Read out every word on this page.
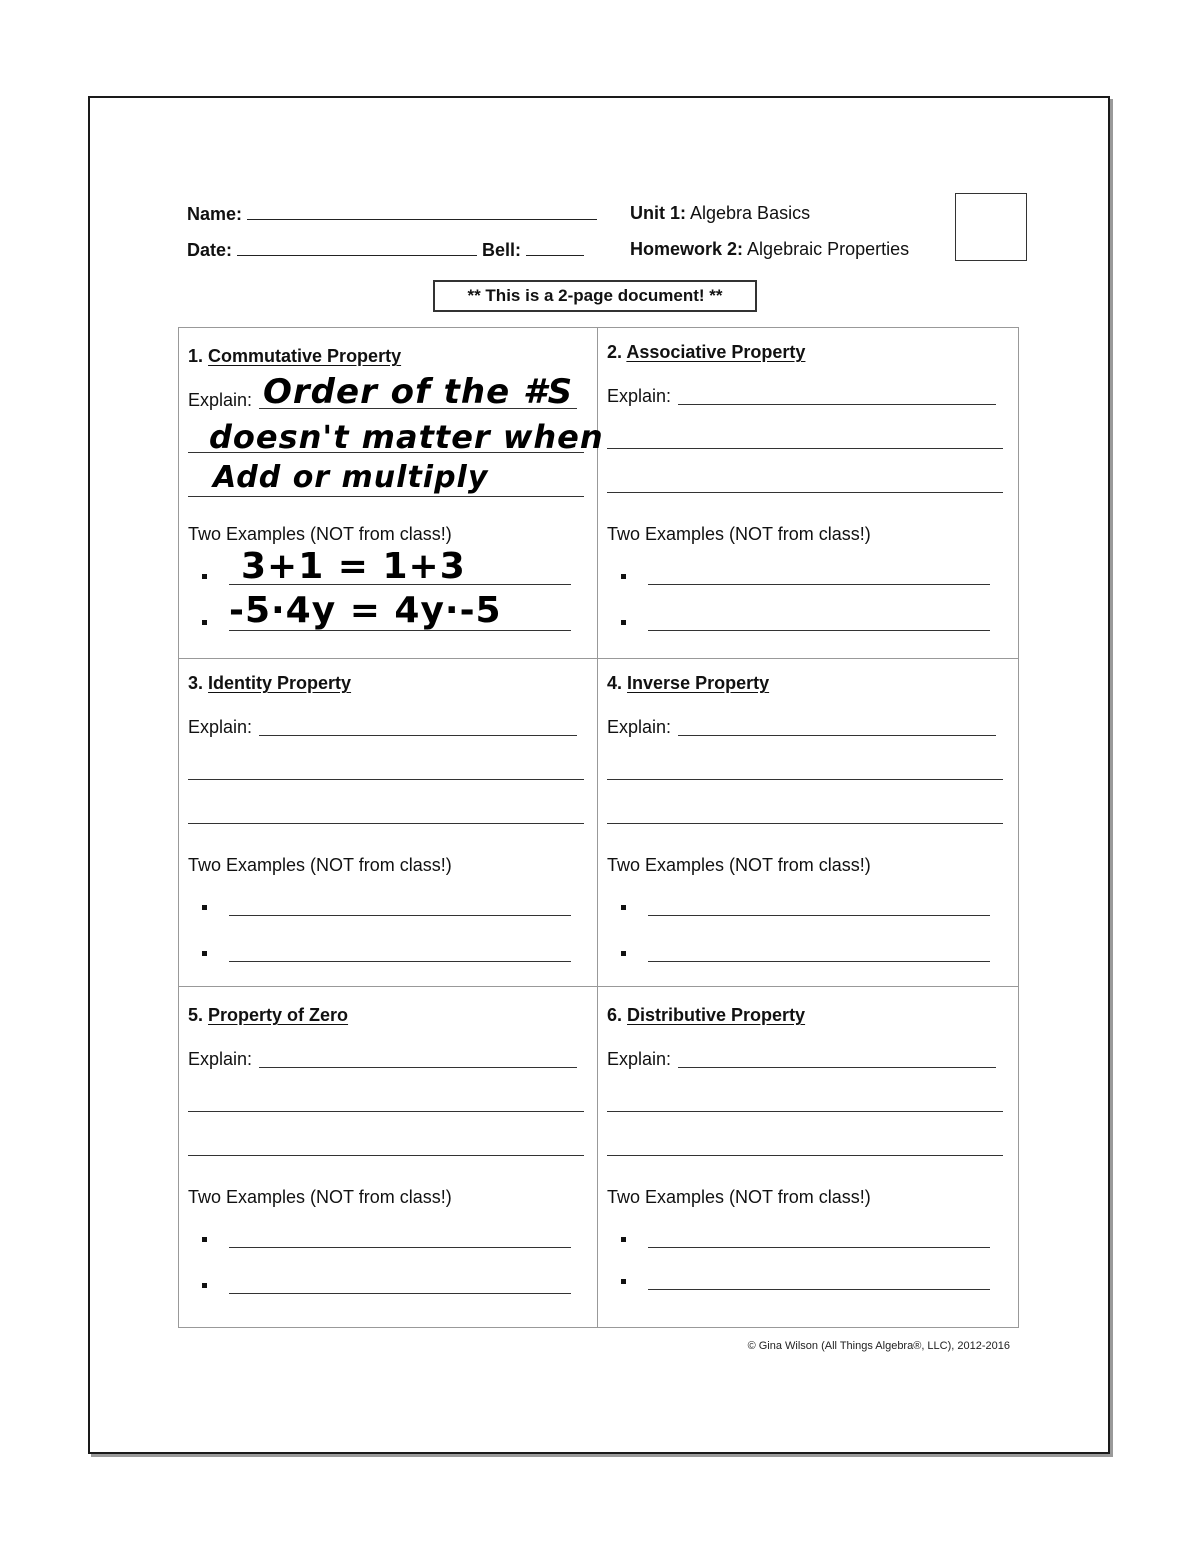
Name:
Date:	Bell:
Unit 1: Algebra Basics
Homework 2: Algebraic Properties
** This is a 2-page document! **
1. Commutative Property
Explain: Order of the #S
doesn't matter when
Add or multiply
Two Examples (NOT from class!)
3+1 = 1+3
-5·4y = 4y·-5
2. Associative Property
Explain:
Two Examples (NOT from class!)
3. Identity Property
Explain:
Two Examples (NOT from class!)
4. Inverse Property
Explain:
Two Examples (NOT from class!)
5. Property of Zero
Explain:
Two Examples (NOT from class!)
6. Distributive Property
Explain:
Two Examples (NOT from class!)
© Gina Wilson (All Things Algebra®, LLC), 2012-2016
